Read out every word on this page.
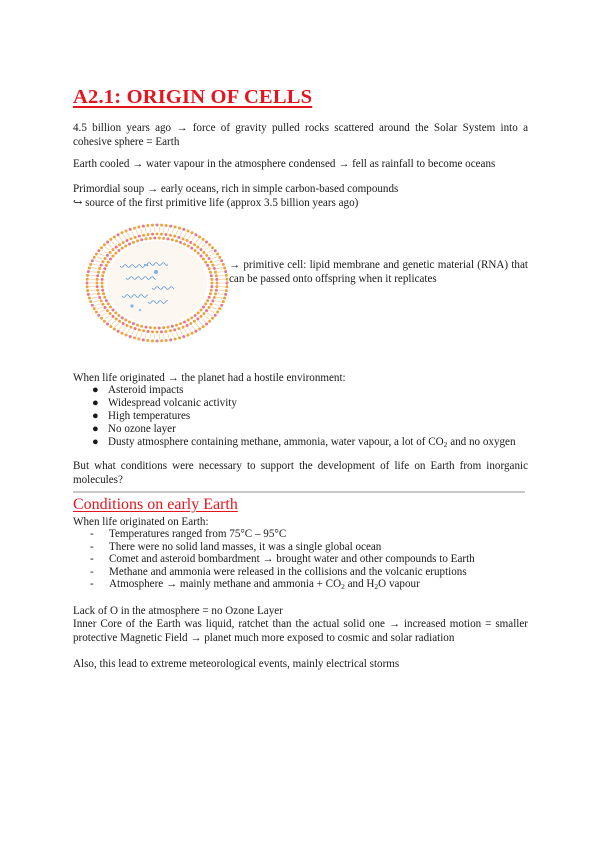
A2.1: ORIGIN OF CELLS
4.5 billion years ago → force of gravity pulled rocks scattered around the Solar System into a cohesive sphere = Earth
Earth cooled → water vapour in the atmosphere condensed → fell as rainfall to become oceans
Primordial soup → early oceans, rich in simple carbon-based compounds
↪ source of the first primitive life (approx 3.5 billion years ago)
→ primitive cell: lipid membrane and genetic material (RNA) that can be passed onto offspring when it replicates
When life originated → the planet had a hostile environment:
● Asteroid impacts
● Widespread volcanic activity
● High temperatures
● No ozone layer
● Dusty atmosphere containing methane, ammonia, water vapour, a lot of $CO_2$ and no oxygen
But what conditions were necessary to support the development of life on Earth from inorganic molecules?
Conditions on early Earth
When life originated on Earth:
- Temperatures ranged from 75°C – 95°C
- There were no solid land masses, it was a single global ocean
- Comet and asteroid bombardment → brought water and other compounds to Earth
- Methane and ammonia were released in the collisions and the volcanic eruptions
- Atmosphere → mainly methane and ammonia + $CO_2$ and $H_2O$ vapour
Lack of O in the atmosphere = no Ozone Layer
Inner Core of the Earth was liquid, ratchet than the actual solid one → increased motion = smaller protective Magnetic Field → planet much more exposed to cosmic and solar radiation
Also, this lead to extreme meteorological events, mainly electrical storms
